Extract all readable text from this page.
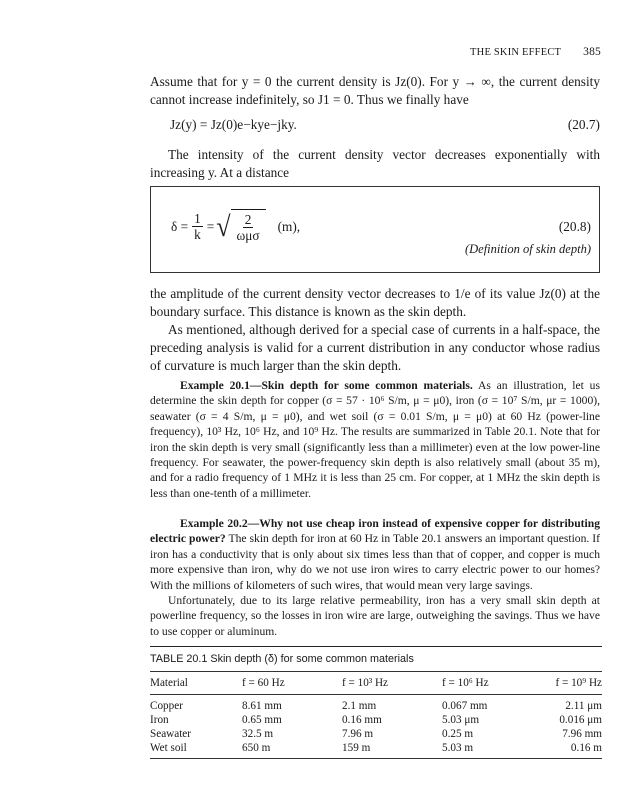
THE SKIN EFFECT 385

Assume that for y = 0 the current density is Jz(0). For y → ∞, the current density cannot increase indefinitely, so J1 = 0. Thus we finally have

Jz(y) = Jz(0)e−kye−jky.	(20.7)

The intensity of the current density vector decreases exponentially with increasing y. At a distance

$\delta = \frac{1}{k}$ = √ $\frac{2}{\text{ωμσ}} (m)$,	(20.8)
(Definition of skin depth)

the amplitude of the current density vector decreases to 1/e of its value Jz(0) at the boundary surface. This distance is known as the skin depth.

As mentioned, although derived for a special case of currents in a half-space, the preceding analysis is valid for a current distribution in any conductor whose radius of curvature is much larger than the skin depth.

Example 20.1—Skin depth for some common materials. As an illustration, let us determine the skin depth for copper (σ = 57 · 10⁶ S/m, μ = μ0), iron (σ = 10⁷ S/m, μr = 1000), seawater (σ = 4 S/m, μ = μ0), and wet soil (σ = 0.01 S/m, μ = μ0) at 60 Hz (power-line frequency), 10³ Hz, 10⁶ Hz, and 10⁹ Hz. The results are summarized in Table 20.1. Note that for iron the skin depth is very small (significantly less than a millimeter) even at the low power-line frequency. For seawater, the power-frequency skin depth is also relatively small (about 35 m), and for a radio frequency of 1 MHz it is less than 25 cm. For copper, at 1 MHz the skin depth is less than one-tenth of a millimeter.

Example 20.2—Why not use cheap iron instead of expensive copper for distributing electric power? The skin depth for iron at 60 Hz in Table 20.1 answers an important question. If iron has a conductivity that is only about six times less than that of copper, and copper is much more expensive than iron, why do we not use iron wires to carry electric power to our homes? With the millions of kilometers of such wires, that would mean very large savings.

Unfortunately, due to its large relative permeability, iron has a very small skin depth at powerline frequency, so the losses in iron wire are large, outweighing the savings. Thus we have to use copper or aluminum.

TABLE 20.1 Skin depth (δ) for some common materials
Material	f = 60 Hz	f = 10³ Hz	f = 10⁶ Hz	f = 10⁹ Hz
Copper	8.61 mm	2.1 mm	0.067 mm	2.11 μm
Iron	0.65 mm	0.16 mm	5.03 μm	0.016 μm
Seawater	32.5 m	7.96 m	0.25 m	7.96 mm
Wet soil	650 m	159 m	5.03 m	0.16 m
